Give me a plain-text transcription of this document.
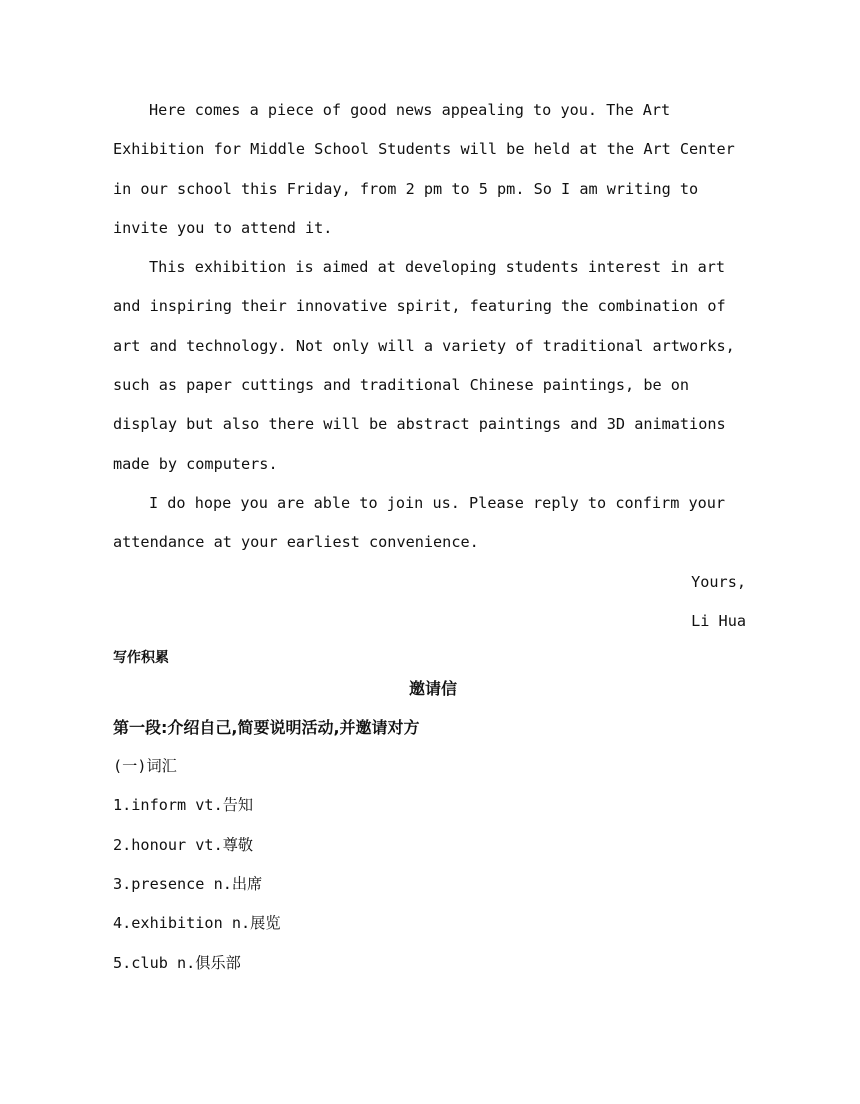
Here comes a piece of good news appealing to you. The Art Exhibition for Middle School Students will be held at the Art Center in our school this Friday, from 2 pm to 5 pm. So I am writing to invite you to attend it.

This exhibition is aimed at developing students interest in art and inspiring their innovative spirit, featuring the combination of art and technology. Not only will a variety of traditional artworks, such as paper cuttings and traditional Chinese paintings, be on display but also there will be abstract paintings and 3D animations made by computers.

I do hope you are able to join us. Please reply to confirm your attendance at your earliest convenience.

Yours,

Li Hua

写作积累

邀请信

第一段:介绍自己,简要说明活动,并邀请对方

(一)词汇

1.inform vt.告知
2.honour vt.尊敬
3.presence n.出席
4.exhibition n.展览
5.club n.俱乐部
